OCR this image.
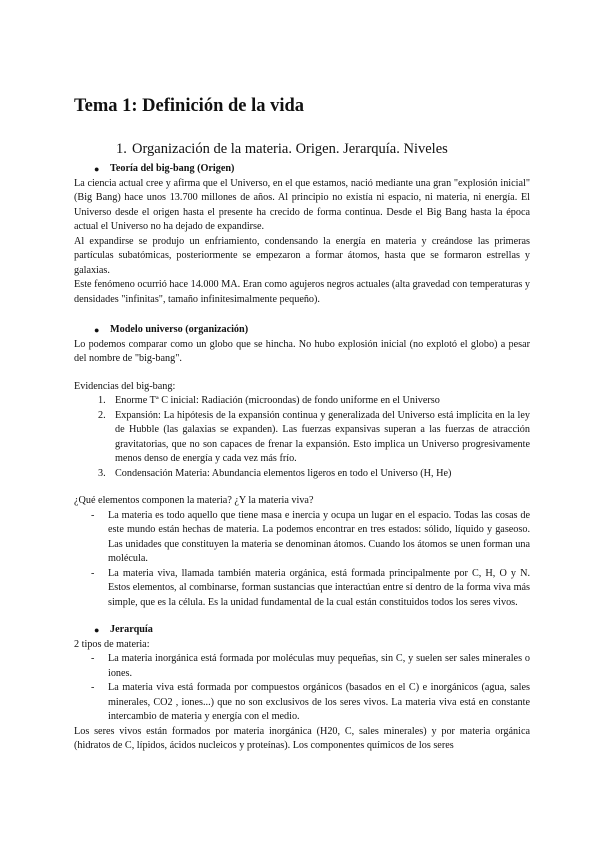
Tema 1: Definición de la vida
1. Organización de la materia. Origen. Jerarquía. Niveles
●	Teoría del big-bang (Origen)

La ciencia actual cree y afirma que el Universo, en el que estamos, nació mediante una gran "explosión inicial" (Big Bang) hace unos 13.700 millones de años. Al principio no existía ni espacio, ni materia, ni energía. El Universo desde el origen hasta el presente ha crecido de forma continua. Desde el Big Bang hasta la época actual el Universo no ha dejado de expandirse.

Al expandirse se produjo un enfriamiento, condensando la energía en materia y creándose las primeras partículas subatómicas, posteriormente se empezaron a formar átomos, hasta que se formaron estrellas y galaxias.

Este fenómeno ocurrió hace 14.000 MA. Eran como agujeros negros actuales (alta gravedad con temperaturas y densidades "infinitas", tamaño infinitesimalmente pequeño).

●	Modelo universo (organización)

Lo podemos comparar como un globo que se hincha. No hubo explosión inicial (no explotó el globo) a pesar del nombre de "big-bang".

Evidencias del big-bang:

1. Enorme Tª C inicial: Radiación (microondas) de fondo uniforme en el Universo
2. Expansión: La hipótesis de la expansión continua y generalizada del Universo está implícita en la ley de Hubble (las galaxias se expanden). Las fuerzas expansivas superan a las fuerzas de atracción gravitatorias, que no son capaces de frenar la expansión. Esto implica un Universo progresivamente menos denso de energía y cada vez más frío.
3. Condensación Materia: Abundancia elementos ligeros en todo el Universo (H, He)

¿Qué elementos componen la materia? ¿Y la materia viva?

-	La materia es todo aquello que tiene masa e inercia y ocupa un lugar en el espacio. Todas las cosas de este mundo están hechas de materia. La podemos encontrar en tres estados: sólido, líquido y gaseoso. Las unidades que constituyen la materia se denominan átomos. Cuando los átomos se unen forman una molécula.
-	La materia viva, llamada también materia orgánica, está formada principalmente por C, H, O y N. Estos elementos, al combinarse, forman sustancias que interactúan entre sí dentro de la forma viva más simple, que es la célula. Es la unidad fundamental de la cual están constituidos todos los seres vivos.
●	Jerarquía

2 tipos de materia:

-	La materia inorgánica está formada por moléculas muy pequeñas, sin C, y suelen ser sales minerales o iones.
-	La materia viva está formada por compuestos orgánicos (basados en el C) e inorgánicos (agua, sales minerales, CO2 , iones...) que no son exclusivos de los seres vivos. La materia viva está en constante intercambio de materia y energía con el medio.

Los seres vivos están formados por materia inorgánica (H20, C, sales minerales) y por materia orgánica (hidratos de C, lípidos, ácidos nucleicos y proteínas). Los componentes químicos de los seres
